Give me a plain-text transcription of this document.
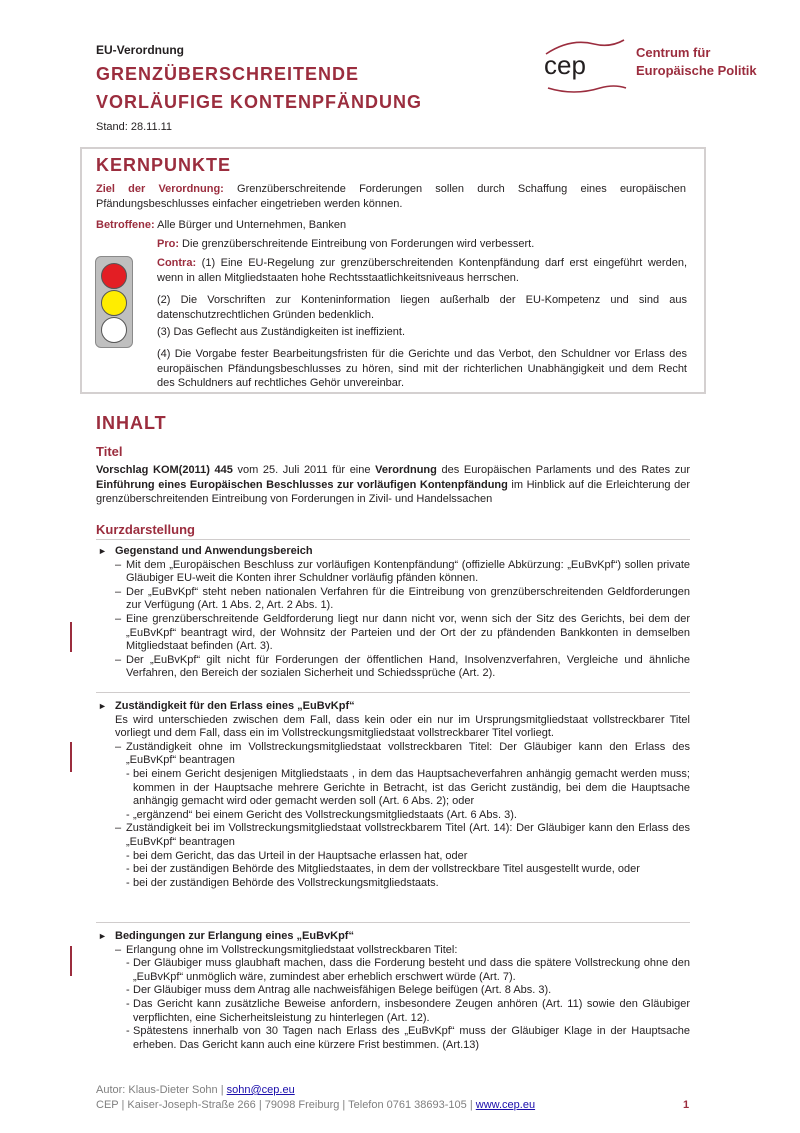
EU-Verordnung
GRENZÜBERSCHREITENDE
VORLÄUFIGE KONTENPFÄNDUNG
Stand: 28.11.11
cep	Centrum für
Europäische Politik
KERNPUNKTE
Ziel der Verordnung: Grenzüberschreitende Forderungen sollen durch Schaffung eines europäischen Pfändungsbeschlusses einfacher eingetrieben werden können.
Betroffene: Alle Bürger und Unternehmen, Banken
Pro: Die grenzüberschreitende Eintreibung von Forderungen wird verbessert.
Contra: (1) Eine EU-Regelung zur grenzüberschreitenden Kontenpfändung darf erst eingeführt werden, wenn in allen Mitgliedstaaten hohe Rechtsstaatlichkeitsniveaus herrschen.
(2) Die Vorschriften zur Konteninformation liegen außerhalb der EU-Kompetenz und sind aus datenschutzrechtlichen Gründen bedenklich.
(3) Das Geflecht aus Zuständigkeiten ist ineffizient.
(4) Die Vorgabe fester Bearbeitungsfristen für die Gerichte und das Verbot, den Schuldner vor Erlass des europäischen Pfändungsbeschlusses zu hören, sind mit der richterlichen Unabhängigkeit und dem Recht des Schuldners auf rechtliches Gehör unvereinbar.
INHALT
Titel
Vorschlag KOM(2011) 445 vom 25. Juli 2011 für eine Verordnung des Europäischen Parlaments und des Rates zur Einführung eines Europäischen Beschlusses zur vorläufigen Kontenpfändung im Hinblick auf die Erleichterung der grenzüberschreitenden Eintreibung von Forderungen in Zivil- und Handelssachen
Kurzdarstellung
► Gegenstand und Anwendungsbereich
– Mit dem „Europäischen Beschluss zur vorläufigen Kontenpfändung“ (offizielle Abkürzung: „EuBvKpf“) sollen private Gläubiger EU-weit die Konten ihrer Schuldner vorläufig pfänden können.
– Der „EuBvKpf“ steht neben nationalen Verfahren für die Eintreibung von grenzüberschreitenden Geldforderungen zur Verfügung (Art. 1 Abs. 2, Art. 2 Abs. 1).
– Eine grenzüberschreitende Geldforderung liegt nur dann nicht vor, wenn sich der Sitz des Gerichts, bei dem der „EuBvKpf“ beantragt wird, der Wohnsitz der Parteien und der Ort der zu pfändenden Bankkonten in demselben Mitgliedstaat befinden (Art. 3).
– Der „EuBvKpf“ gilt nicht für Forderungen der öffentlichen Hand, Insolvenzverfahren, Vergleiche und ähnliche Verfahren, den Bereich der sozialen Sicherheit und Schiedssprüche (Art. 2).
► Zuständigkeit für den Erlass eines „EuBvKpf“
Es wird unterschieden zwischen dem Fall, dass kein oder ein nur im Ursprungsmitgliedstaat vollstreckbarer Titel vorliegt und dem Fall, dass ein im Vollstreckungsmitgliedstaat vollstreckbarer Titel vorliegt.
– Zuständigkeit ohne im Vollstreckungsmitgliedstaat vollstreckbaren Titel: Der Gläubiger kann den Erlass des „EuBvKpf“ beantragen
- bei einem Gericht desjenigen Mitgliedstaats , in dem das Hauptsacheverfahren anhängig gemacht werden muss; kommen in der Hauptsache mehrere Gerichte in Betracht, ist das Gericht zuständig, bei dem die Hauptsache anhängig gemacht wird oder gemacht werden soll (Art. 6 Abs. 2); oder
- „ergänzend“ bei einem Gericht des Vollstreckungsmitgliedstaats (Art. 6 Abs. 3).
– Zuständigkeit bei im Vollstreckungsmitgliedstaat vollstreckbarem Titel (Art. 14): Der Gläubiger kann den Erlass des „EuBvKpf“ beantragen
- bei dem Gericht, das das Urteil in der Hauptsache erlassen hat, oder
- bei der zuständigen Behörde des Mitgliedstaates, in dem der vollstreckbare Titel ausgestellt wurde, oder
- bei der zuständigen Behörde des Vollstreckungsmitgliedstaats.
► Bedingungen zur Erlangung eines „EuBvKpf“
– Erlangung ohne im Vollstreckungsmitgliedstaat vollstreckbaren Titel:
- Der Gläubiger muss glaubhaft machen, dass die Forderung besteht und dass die spätere Vollstreckung ohne den „EuBvKpf“ unmöglich wäre, zumindest aber erheblich erschwert würde (Art. 7).
- Der Gläubiger muss dem Antrag alle nachweisfähigen Belege beifügen (Art. 8 Abs. 3).
- Das Gericht kann zusätzliche Beweise anfordern, insbesondere Zeugen anhören (Art. 11) sowie den Gläubiger verpflichten, eine Sicherheitsleistung zu hinterlegen (Art. 12).
- Spätestens innerhalb von 30 Tagen nach Erlass des „EuBvKpf“ muss der Gläubiger Klage in der Hauptsache erheben. Das Gericht kann auch eine kürzere Frist bestimmen. (Art.13)
Autor: Klaus-Dieter Sohn | sohn@cep.eu
CEP | Kaiser-Joseph-Straße 266 | 79098 Freiburg | Telefon 0761 38693-105 | www.cep.eu	1
